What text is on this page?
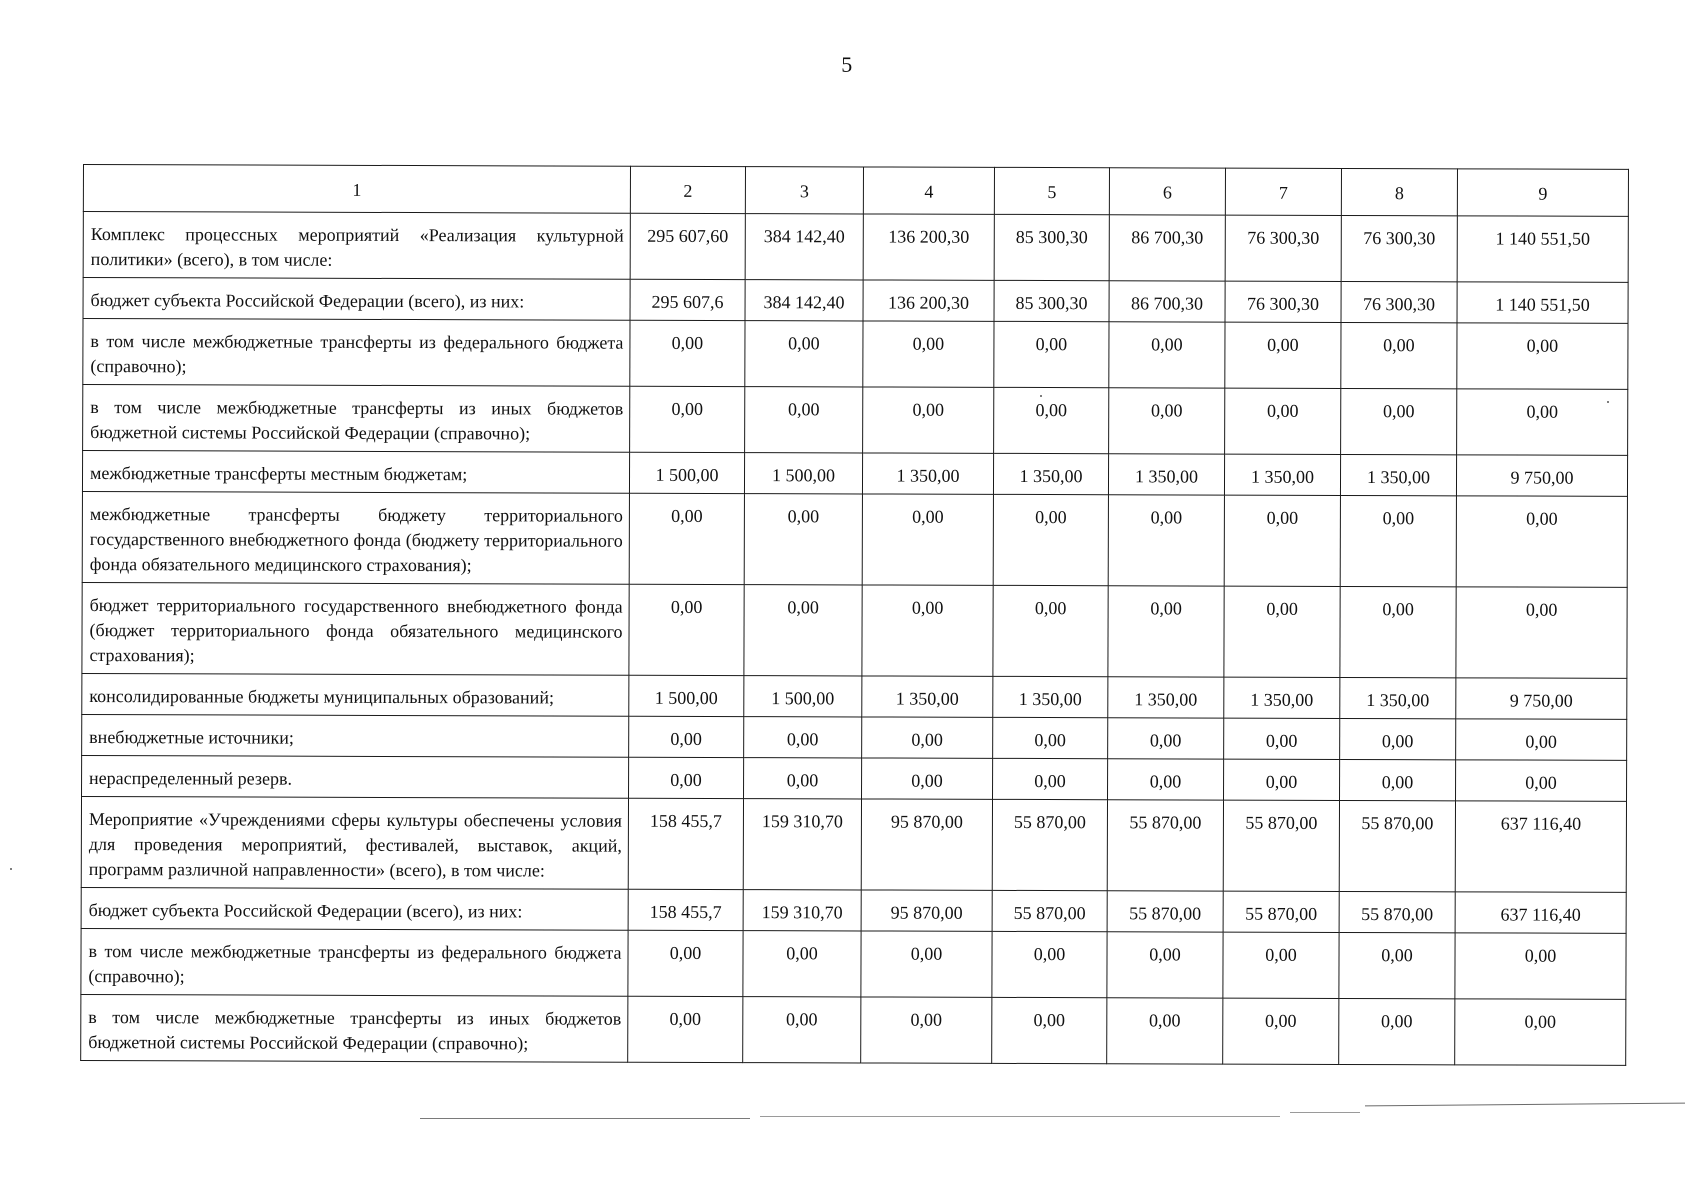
5
1	2	3	4	5	6	7	8	9
Комплекс процессных мероприятий «Реализация культурной политики» (всего), в том числе:	295 607,60	384 142,40	136 200,30	85 300,30	86 700,30	76 300,30	76 300,30	1 140 551,50
бюджет субъекта Российской Федерации (всего), из них:	295 607,6	384 142,40	136 200,30	85 300,30	86 700,30	76 300,30	76 300,30	1 140 551,50
в том числе межбюджетные трансферты из федерального бюджета (справочно);	0,00	0,00	0,00	0,00	0,00	0,00	0,00	0,00
в том числе межбюджетные трансферты из иных бюджетов бюджетной системы Российской Федерации (справочно);	0,00	0,00	0,00	0,00	0,00	0,00	0,00	0,00
межбюджетные трансферты местным бюджетам;	1 500,00	1 500,00	1 350,00	1 350,00	1 350,00	1 350,00	1 350,00	9 750,00
межбюджетные трансферты бюджету территориального государственного внебюджетного фонда (бюджету территориального фонда обязательного медицинского страхования);	0,00	0,00	0,00	0,00	0,00	0,00	0,00	0,00
бюджет территориального государственного внебюджетного фонда (бюджет территориального фонда обязательного медицинского страхования);	0,00	0,00	0,00	0,00	0,00	0,00	0,00	0,00
консолидированные бюджеты муниципальных образований;	1 500,00	1 500,00	1 350,00	1 350,00	1 350,00	1 350,00	1 350,00	9 750,00
внебюджетные источники;	0,00	0,00	0,00	0,00	0,00	0,00	0,00	0,00
нераспределенный резерв.	0,00	0,00	0,00	0,00	0,00	0,00	0,00	0,00
Мероприятие «Учреждениями сферы культуры обеспечены условия для проведения мероприятий, фестивалей, выставок, акций, программ различной направленности» (всего), в том числе:	158 455,7	159 310,70	95 870,00	55 870,00	55 870,00	55 870,00	55 870,00	637 116,40
бюджет субъекта Российской Федерации (всего), из них:	158 455,7	159 310,70	95 870,00	55 870,00	55 870,00	55 870,00	55 870,00	637 116,40
в том числе межбюджетные трансферты из федерального бюджета (справочно);	0,00	0,00	0,00	0,00	0,00	0,00	0,00	0,00
в том числе межбюджетные трансферты из иных бюджетов бюджетной системы Российской Федерации (справочно);	0,00	0,00	0,00	0,00	0,00	0,00	0,00	0,00
